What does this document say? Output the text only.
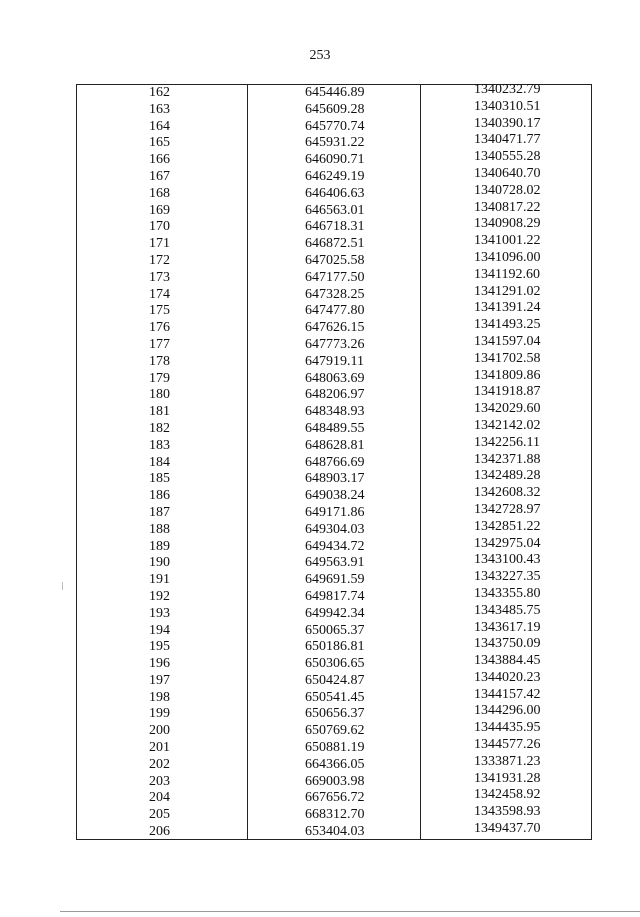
253
162	645446.89	1340232.79
163	645609.28	1340310.51
164	645770.74	1340390.17
165	645931.22	1340471.77
166	646090.71	1340555.28
167	646249.19	1340640.70
168	646406.63	1340728.02
169	646563.01	1340817.22
170	646718.31	1340908.29
171	646872.51	1341001.22
172	647025.58	1341096.00
173	647177.50	1341192.60
174	647328.25	1341291.02
175	647477.80	1341391.24
176	647626.15	1341493.25
177	647773.26	1341597.04
178	647919.11	1341702.58
179	648063.69	1341809.86
180	648206.97	1341918.87
181	648348.93	1342029.60
182	648489.55	1342142.02
183	648628.81	1342256.11
184	648766.69	1342371.88
185	648903.17	1342489.28
186	649038.24	1342608.32
187	649171.86	1342728.97
188	649304.03	1342851.22
189	649434.72	1342975.04
190	649563.91	1343100.43
191	649691.59	1343227.35
192	649817.74	1343355.80
193	649942.34	1343485.75
194	650065.37	1343617.19
195	650186.81	1343750.09
196	650306.65	1343884.45
197	650424.87	1344020.23
198	650541.45	1344157.42
199	650656.37	1344296.00
200	650769.62	1344435.95
201	650881.19	1344577.26
202	664366.05	1333871.23
203	669003.98	1341931.28
204	667656.72	1342458.92
205	668312.70	1343598.93
206	653404.03	1349437.70
